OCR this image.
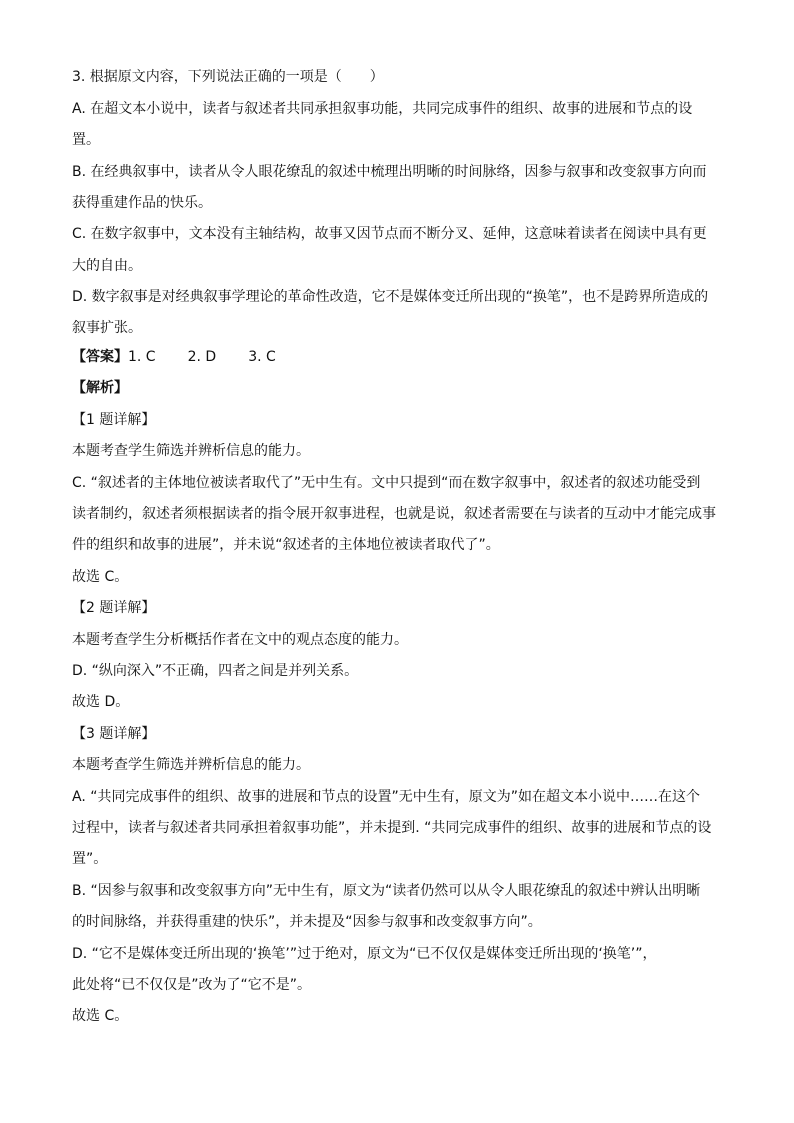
3. 根据原文内容，下列说法正确的一项是（　　）

A. 在超文本小说中，读者与叙述者共同承担叙事功能，共同完成事件的组织、故事的进展和节点的设

置。

B. 在经典叙事中，读者从令人眼花缭乱的叙述中梳理出明晰的时间脉络，因参与叙事和改变叙事方向而

获得重建作品的快乐。

C. 在数字叙事中，文本没有主轴结构，故事又因节点而不断分叉、延伸，这意味着读者在阅读中具有更

大的自由。

D. 数字叙事是对经典叙事学理论的革命性改造，它不是媒体变迁所出现的“换笔”，也不是跨界所造成的

叙事扩张。

【答案】1. C 2. D 3. C

【解析】

【1 题详解】

本题考查学生筛选并辨析信息的能力。

C. “叙述者的主体地位被读者取代了”无中生有。文中只提到“而在数字叙事中，叙述者的叙述功能受到

读者制约，叙述者须根据读者的指令展开叙事进程，也就是说，叙述者需要在与读者的互动中才能完成事

件的组织和故事的进展”，并未说“叙述者的主体地位被读者取代了”。

故选 C。

【2 题详解】

本题考查学生分析概括作者在文中的观点态度的能力。

D. “纵向深入”不正确，四者之间是并列关系。

故选 D。

【3 题详解】

本题考查学生筛选并辨析信息的能力。

A. “共同完成事件的组织、故事的进展和节点的设置”无中生有，原文为”如在超文本小说中……在这个

过程中，读者与叙述者共同承担着叙事功能”，并未提到. “共同完成事件的组织、故事的进展和节点的设

置”。

B. “因参与叙事和改变叙事方向”无中生有，原文为“读者仍然可以从令人眼花缭乱的叙述中辨认出明晰

的时间脉络，并获得重建的快乐”，并未提及“因参与叙事和改变叙事方向”。

D. “它不是媒体变迁所出现的‘换笔’”过于绝对，原文为“已不仅仅是媒体变迁所出现的‘换笔’”，

此处将“已不仅仅是”改为了“它不是”。

故选 C。
